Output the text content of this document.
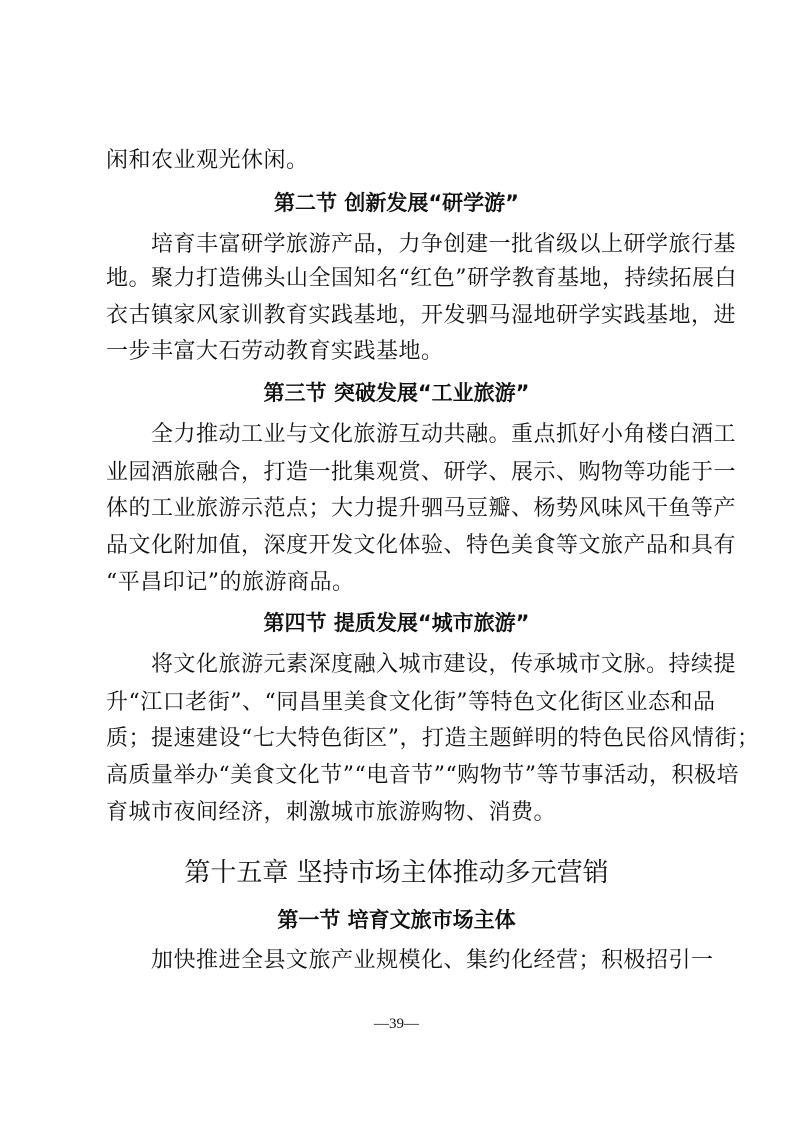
闲和农业观光休闲。
第二节 创新发展“研学游”
　　培育丰富研学旅游产品，力争创建一批省级以上研学旅行基
地。聚力打造佛头山全国知名“红色”研学教育基地，持续拓展白
衣古镇家风家训教育实践基地，开发驷马湿地研学实践基地，进
一步丰富大石劳动教育实践基地。
第三节 突破发展“工业旅游”
　　全力推动工业与文化旅游互动共融。重点抓好小角楼白酒工
业园酒旅融合，打造一批集观赏、研学、展示、购物等功能于一
体的工业旅游示范点；大力提升驷马豆瓣、杨势风味风干鱼等产
品文化附加值，深度开发文化体验、特色美食等文旅产品和具有
“平昌印记”的旅游商品。
第四节 提质发展“城市旅游”
　　将文化旅游元素深度融入城市建设，传承城市文脉。持续提
升“江口老街”、“同昌里美食文化街”等特色文化街区业态和品
质；提速建设“七大特色街区”，打造主题鲜明的特色民俗风情街；
高质量举办“美食文化节”“电音节”“购物节”等节事活动，积极培
育城市夜间经济，刺激城市旅游购物、消费。
第十五章 坚持市场主体推动多元营销
第一节 培育文旅市场主体
　　加快推进全县文旅产业规模化、集约化经营；积极招引一
—39—
